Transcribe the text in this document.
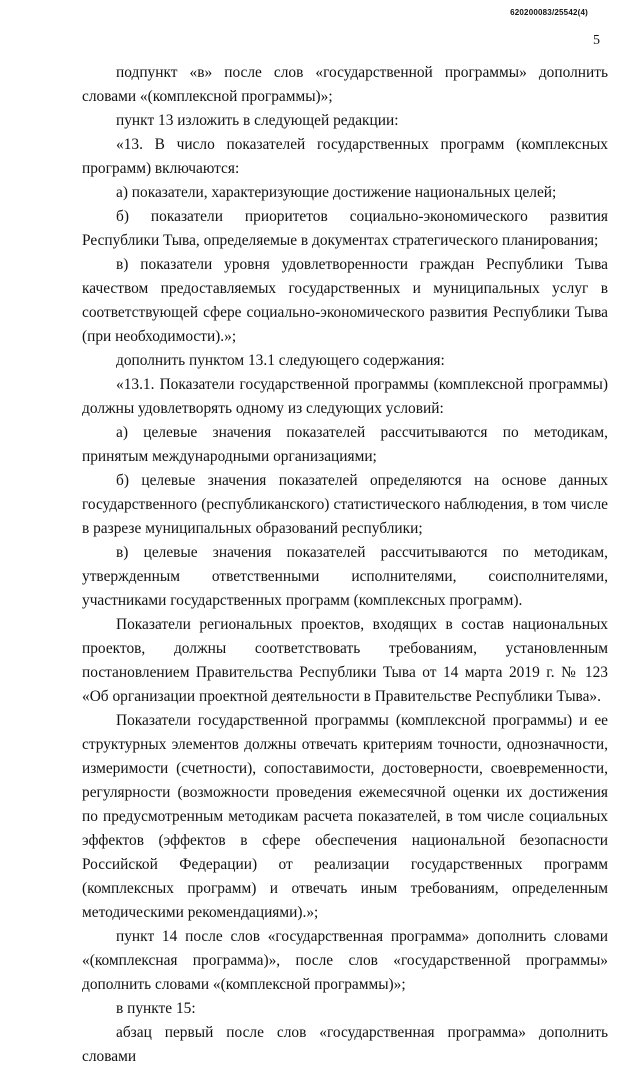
620200083/25542(4)
5

подпункт «в» после слов «государственной программы» дополнить словами «(комплексной программы)»;

пункт 13 изложить в следующей редакции:

«13. В число показателей государственных программ (комплексных программ) включаются:

а) показатели, характеризующие достижение национальных целей;

б) показатели приоритетов социально-экономического развития Республики Тыва, определяемые в документах стратегического планирования;

в) показатели уровня удовлетворенности граждан Республики Тыва качеством предоставляемых государственных и муниципальных услуг в соответствующей сфере социально-экономического развития Республики Тыва (при необходимости).»;

дополнить пунктом 13.1 следующего содержания:

«13.1. Показатели государственной программы (комплексной программы) должны удовлетворять одному из следующих условий:

а) целевые значения показателей рассчитываются по методикам, принятым международными организациями;

б) целевые значения показателей определяются на основе данных государственного (республиканского) статистического наблюдения, в том числе в разрезе муниципальных образований республики;

в) целевые значения показателей рассчитываются по методикам, утвержденным ответственными исполнителями, соисполнителями, участниками государственных программ (комплексных программ).

Показатели региональных проектов, входящих в состав национальных проектов, должны соответствовать требованиям, установленным постановлением Правительства Республики Тыва от 14 марта 2019 г. № 123 «Об организации проектной деятельности в Правительстве Республики Тыва».

Показатели государственной программы (комплексной программы) и ее структурных элементов должны отвечать критериям точности, однозначности, измеримости (счетности), сопоставимости, достоверности, своевременности, регулярности (возможности проведения ежемесячной оценки их достижения по предусмотренным методикам расчета показателей, в том числе социальных эффектов (эффектов в сфере обеспечения национальной безопасности Российской Федерации) от реализации государственных программ (комплексных программ) и отвечать иным требованиям, определенным методическими рекомендациями).»;

пункт 14 после слов «государственная программа» дополнить словами «(комплексная программа)», после слов «государственной программы» дополнить словами «(комплексной программы)»;

в пункте 15:

абзац первый после слов «государственная программа» дополнить словами
